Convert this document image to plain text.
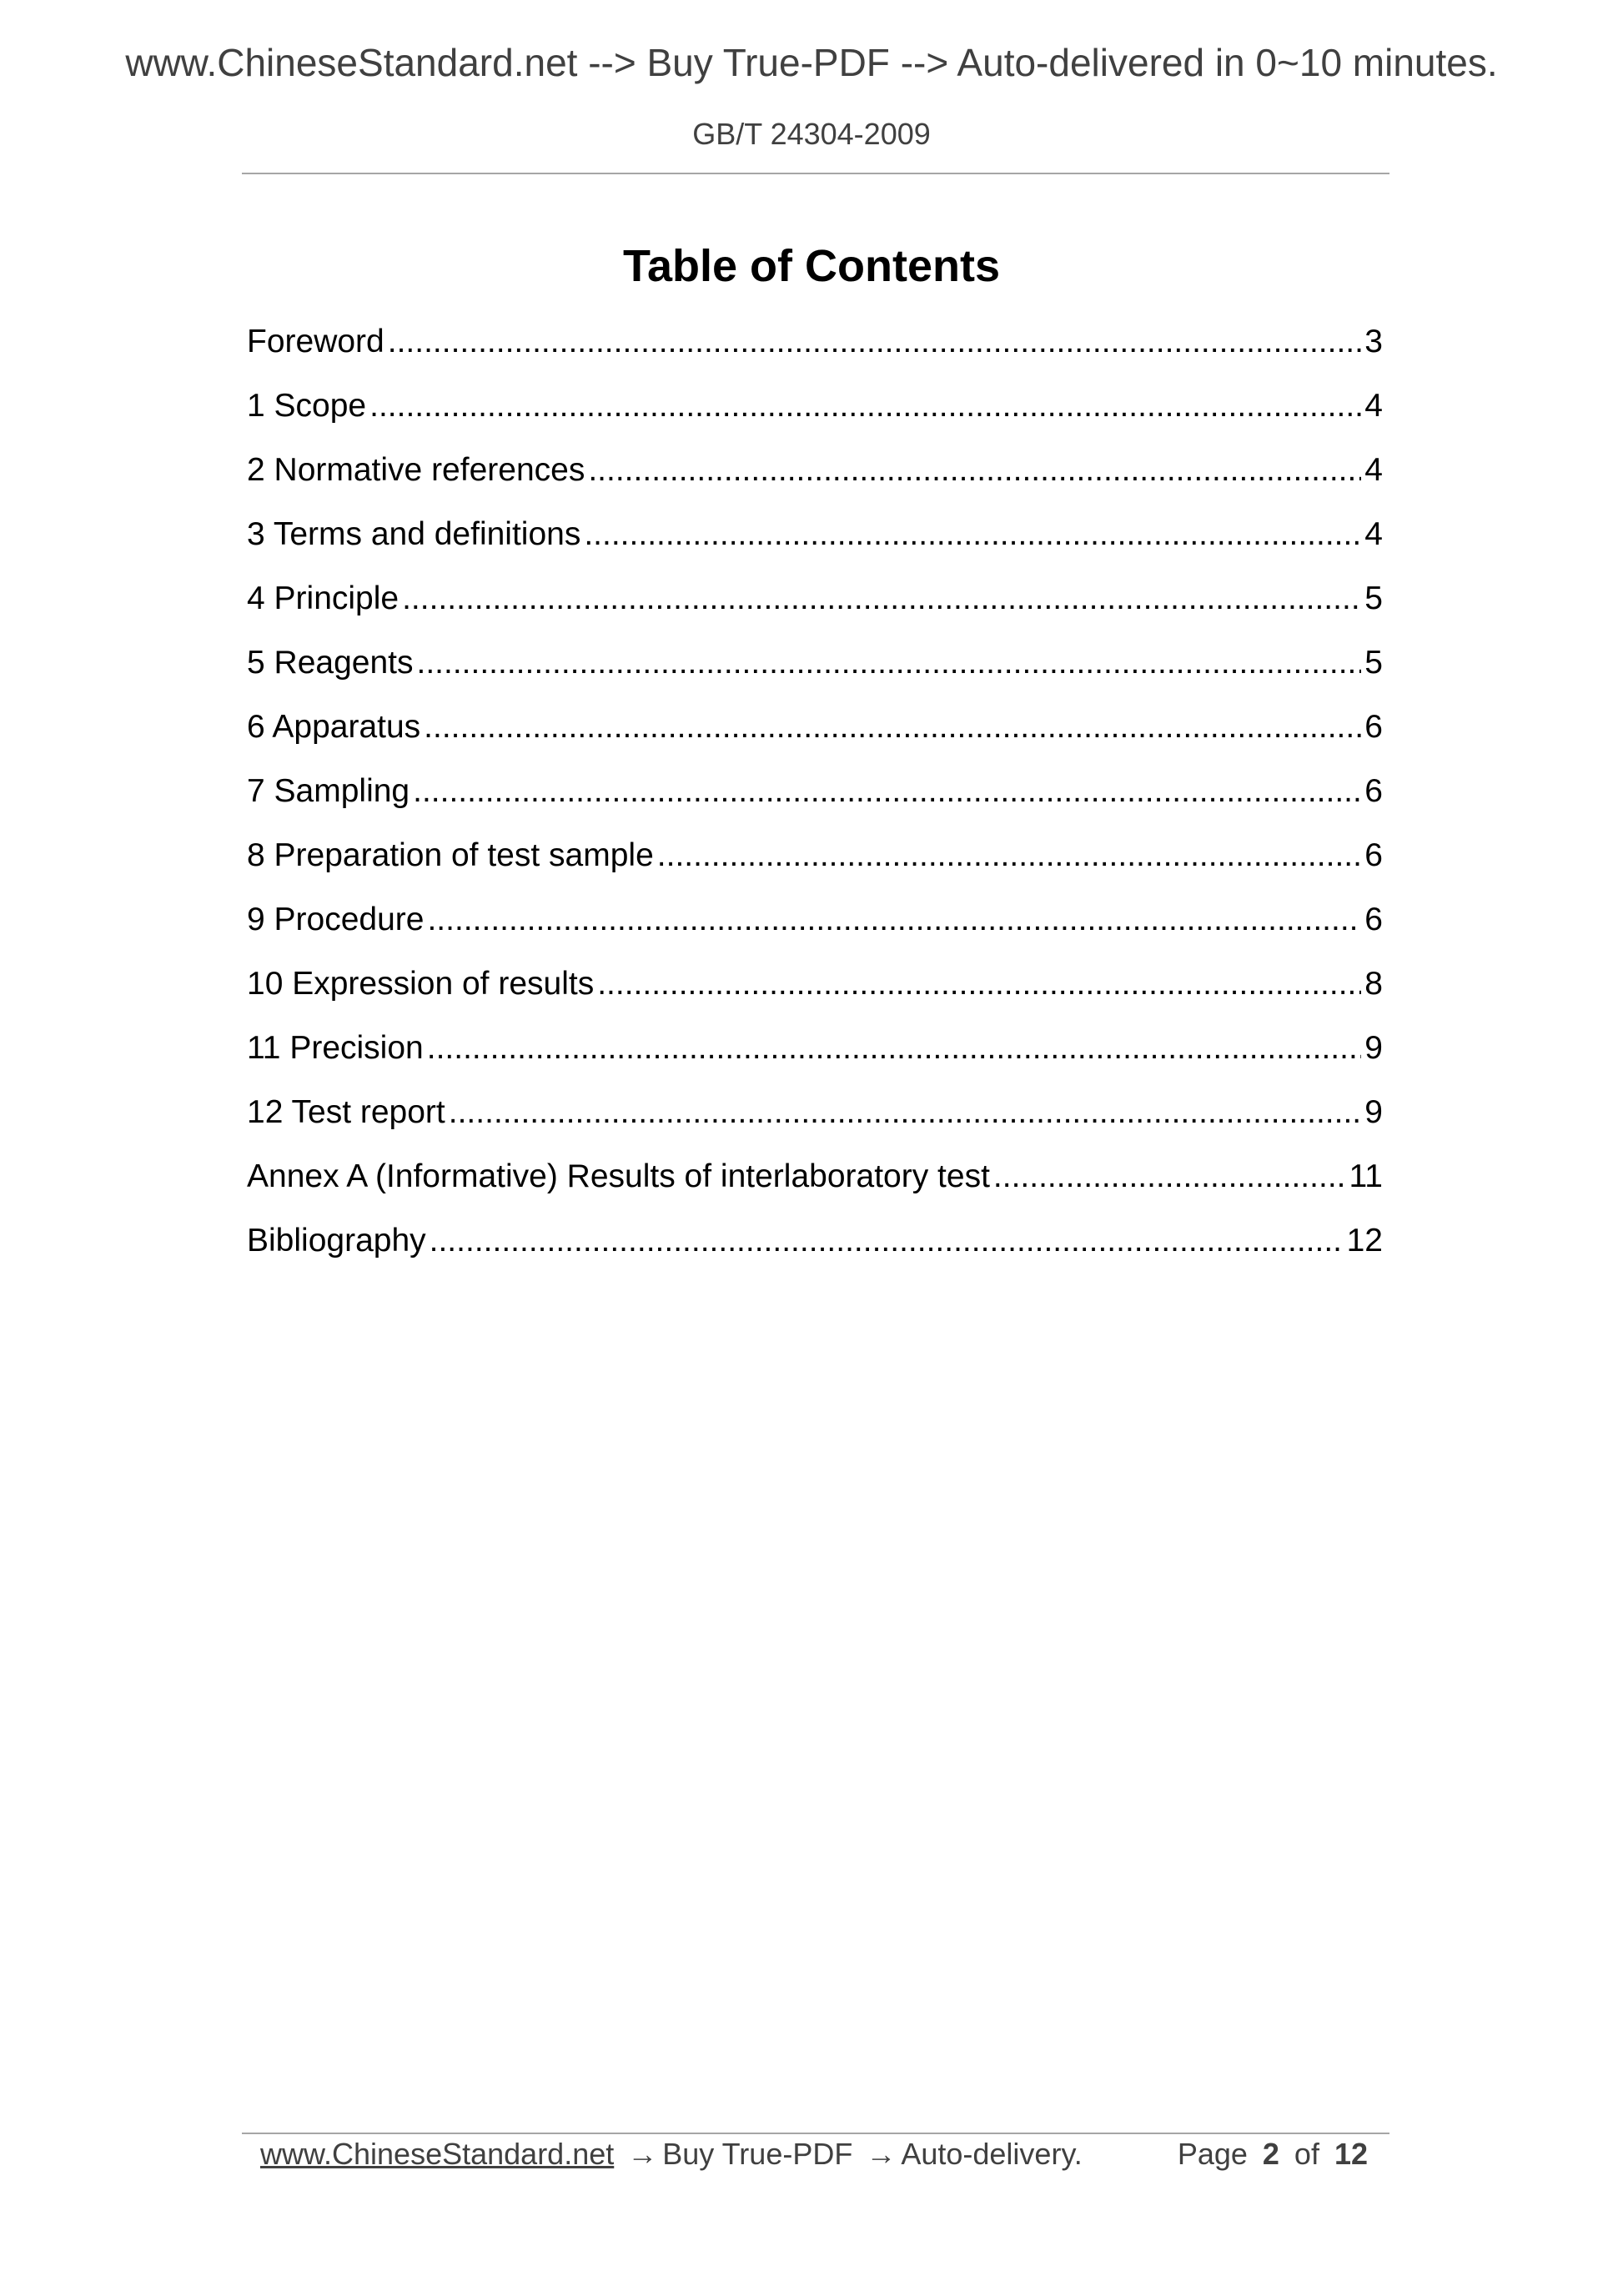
www.ChineseStandard.net --> Buy True-PDF --> Auto-delivered in 0~10 minutes.
GB/T 24304-2009
Table of Contents
Foreword .....	3
1 Scope .....	4
2 Normative references .....	4
3 Terms and definitions .....	4
4 Principle .....	5
5 Reagents .....	5
6 Apparatus .....	6
7 Sampling .....	6
8 Preparation of test sample .....	6
9 Procedure .....	6
10 Expression of results .....	8
11 Precision .....	9
12 Test report .....	9
Annex A (Informative) Results of interlaboratory test .....	11
Bibliography .....	12
www.ChineseStandard.net → Buy True-PDF → Auto-delivery.	Page 2 of 12
